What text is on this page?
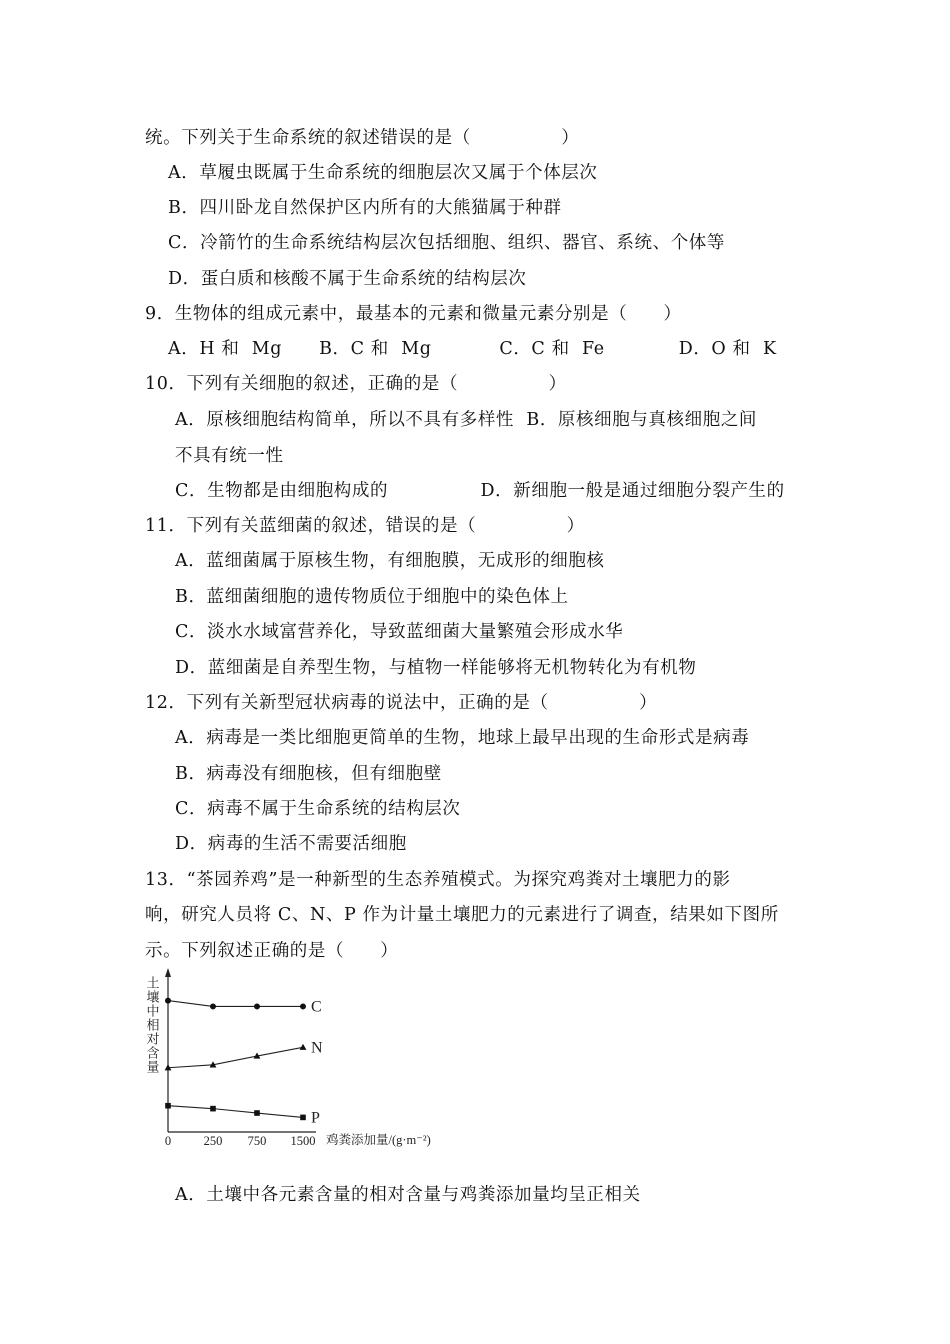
统。下列关于生命系统的叙述错误的是（　　　　　）
A．草履虫既属于生命系统的细胞层次又属于个体层次
B．四川卧龙自然保护区内所有的大熊猫属于种群
C．冷箭竹的生命系统结构层次包括细胞、组织、器官、系统、个体等
D．蛋白质和核酸不属于生命系统的结构层次
9．生物体的组成元素中，最基本的元素和微量元素分别是（　　）
A．H 和  Mg      B．C 和  Mg           C．C 和  Fe            D．O 和  K
10．下列有关细胞的叙述，正确的是（　　　　　）
A．原核细胞结构简单，所以不具有多样性  B．原核细胞与真核细胞之间
不具有统一性
C．生物都是由细胞构成的               D．新细胞一般是通过细胞分裂产生的
11．下列有关蓝细菌的叙述，错误的是（　　　　　）
A．蓝细菌属于原核生物，有细胞膜，无成形的细胞核
B．蓝细菌细胞的遗传物质位于细胞中的染色体上
C．淡水水域富营养化，导致蓝细菌大量繁殖会形成水华
D．蓝细菌是自养型生物，与植物一样能够将无机物转化为有机物
12．下列有关新型冠状病毒的说法中，正确的是（　　　　　）
A．病毒是一类比细胞更简单的生物，地球上最早出现的生命形式是病毒
B．病毒没有细胞核，但有细胞壁
C．病毒不属于生命系统的结构层次
D．病毒的生活不需要活细胞
13．“茶园养鸡”是一种新型的生态养殖模式。为探究鸡粪对土壤肥力的影
响，研究人员将 C、N、P 作为计量土壤肥力的元素进行了调查，结果如下图所
示。下列叙述正确的是（　　）
土壤中相对含量
0	250 750 1500 鸡粪添加量/(g·m⁻²)
C
N
P
A．土壤中各元素含量的相对含量与鸡粪添加量均呈正相关
